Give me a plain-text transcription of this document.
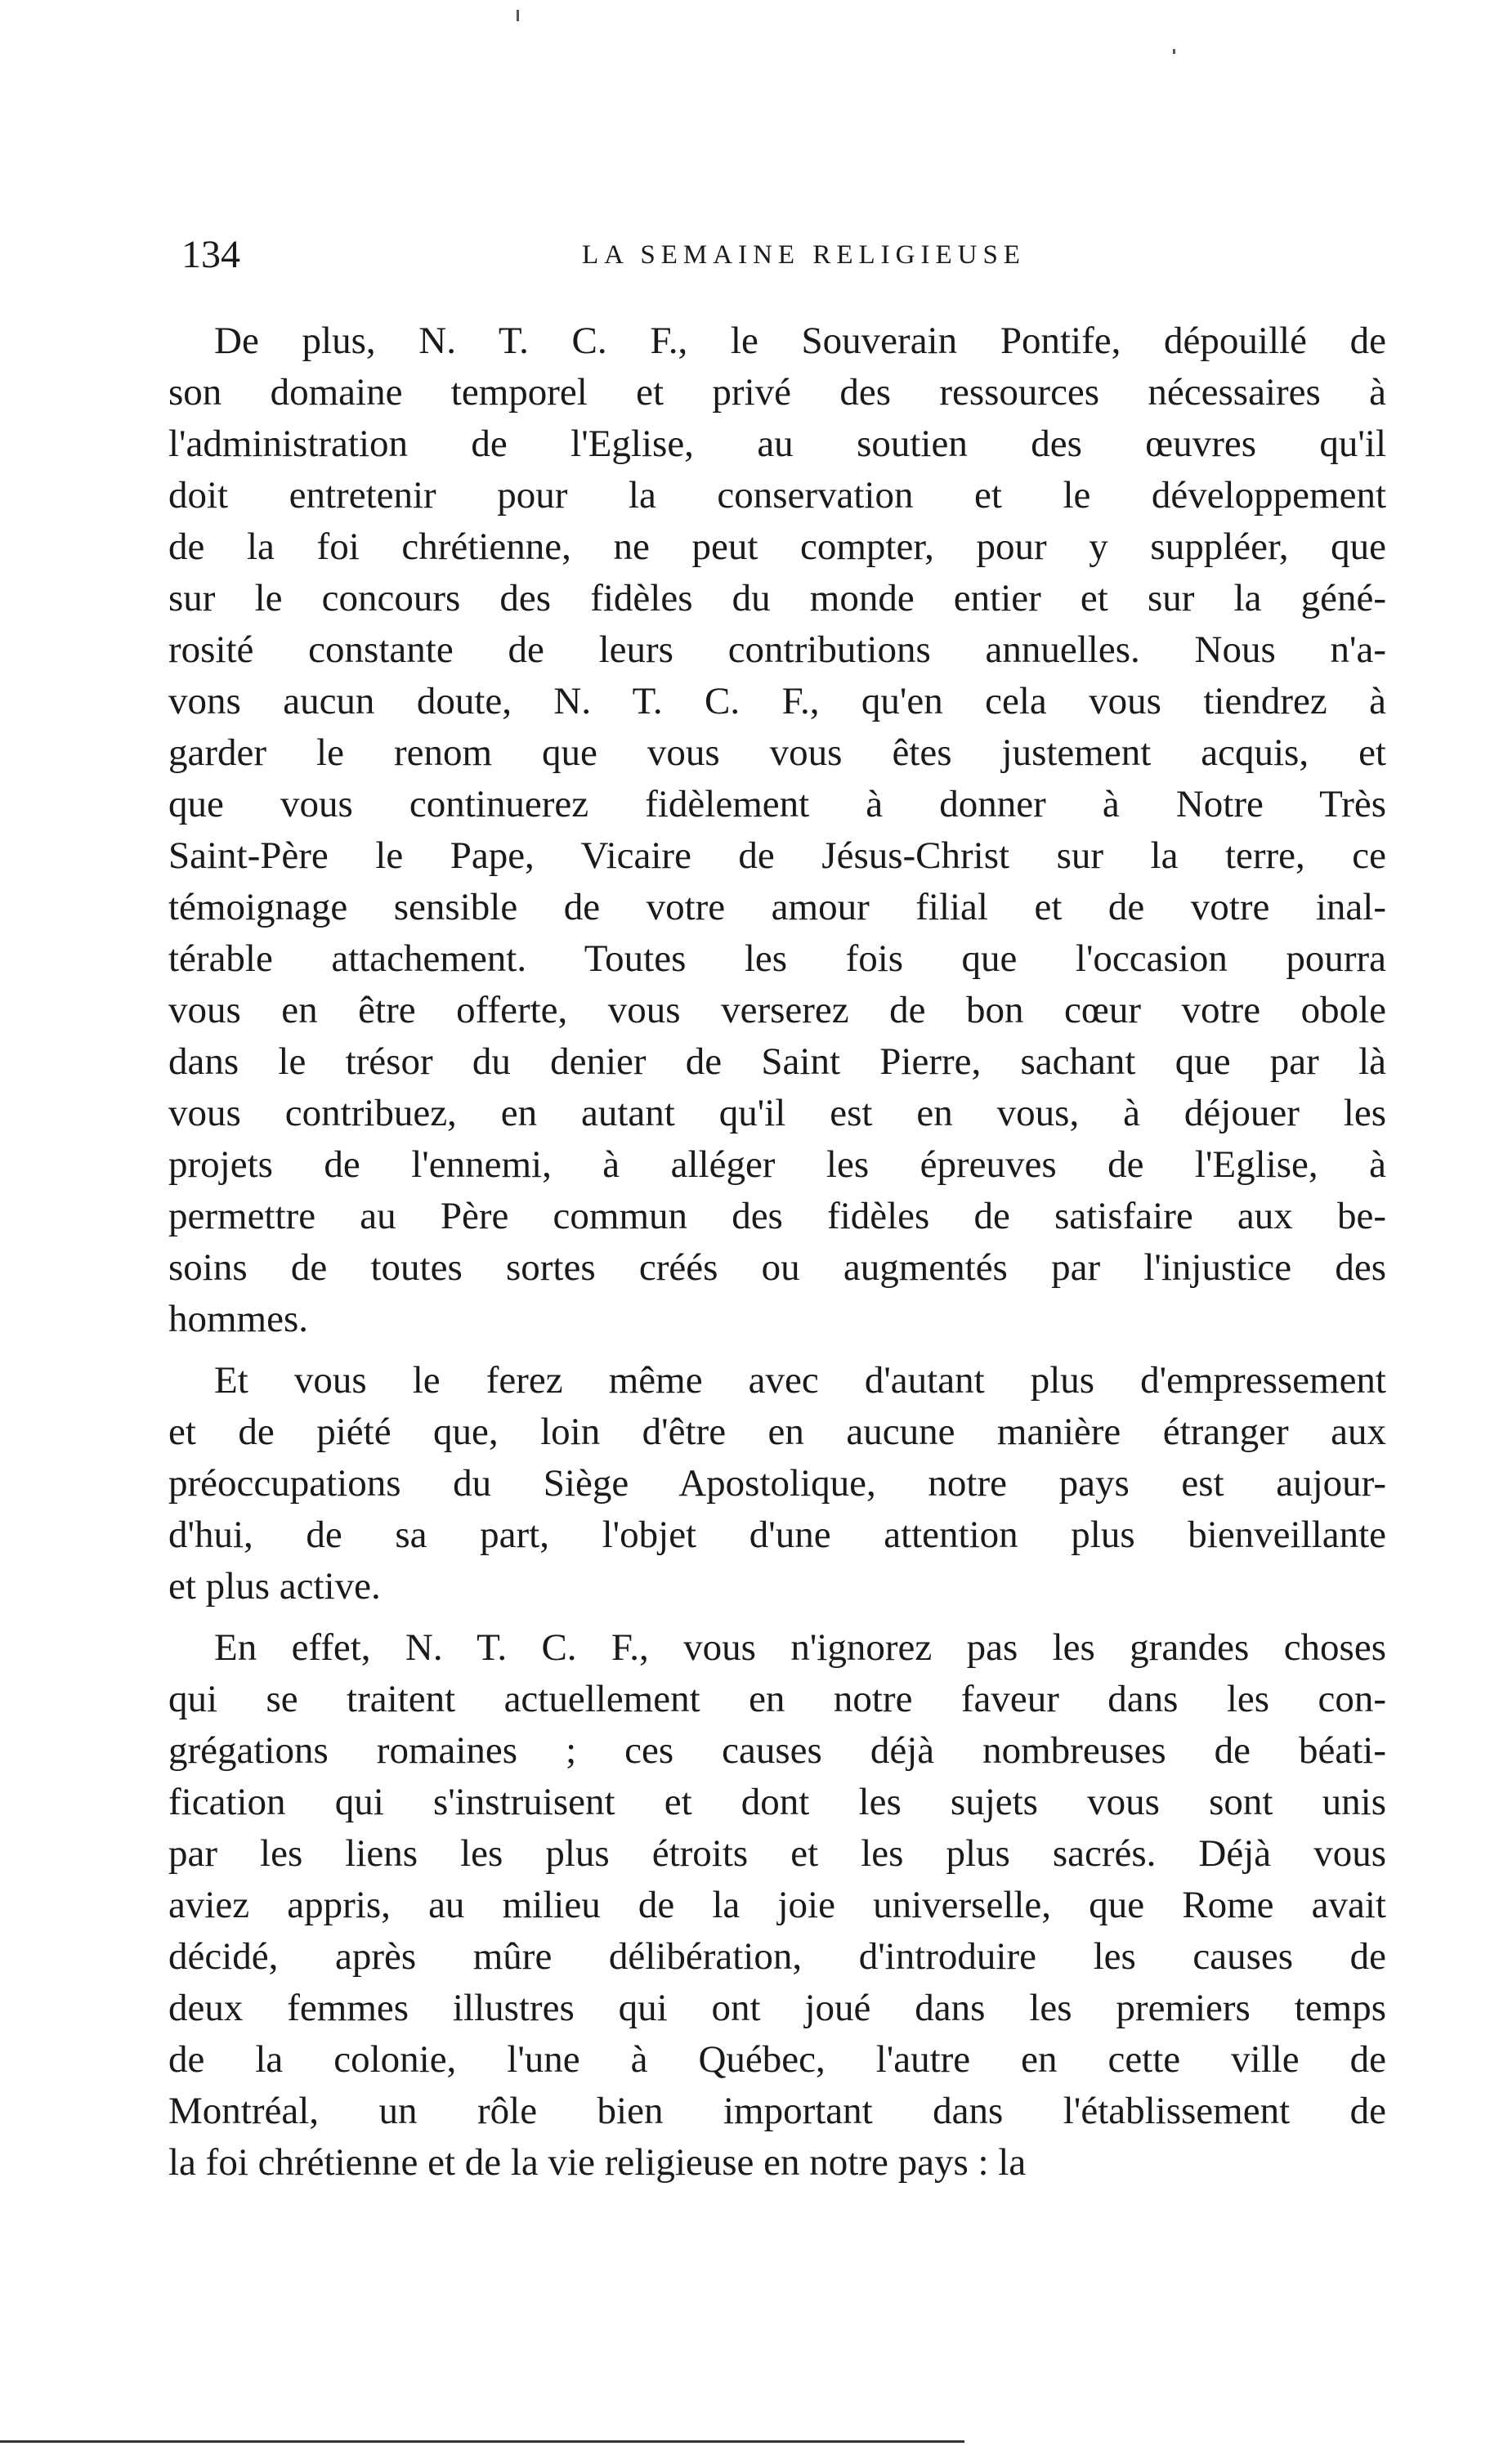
134	LA SEMAINE RELIGIEUSE
De plus, N. T. C. F., le Souverain Pontife, dépouillé de
son domaine temporel et privé des ressources nécessaires à
l'administration de l'Eglise, au soutien des œuvres qu'il
doit entretenir pour la conservation et le développement
de la foi chrétienne, ne peut compter, pour y suppléer, que
sur le concours des fidèles du monde entier et sur la géné-
rosité constante de leurs contributions annuelles. Nous n'a-
vons aucun doute, N. T. C. F., qu'en cela vous tiendrez à
garder le renom que vous vous êtes justement acquis, et
que vous continuerez fidèlement à donner à Notre Très
Saint-Père le Pape, Vicaire de Jésus-Christ sur la terre, ce
témoignage sensible de votre amour filial et de votre inal-
térable attachement. Toutes les fois que l'occasion pourra
vous en être offerte, vous verserez de bon cœur votre obole
dans le trésor du denier de Saint Pierre, sachant que par là
vous contribuez, en autant qu'il est en vous, à déjouer les
projets de l'ennemi, à alléger les épreuves de l'Eglise, à
permettre au Père commun des fidèles de satisfaire aux be-
soins de toutes sortes créés ou augmentés par l'injustice des
hommes.
Et vous le ferez même avec d'autant plus d'empressement
et de piété que, loin d'être en aucune manière étranger aux
préoccupations du Siège Apostolique, notre pays est aujour-
d'hui, de sa part, l'objet d'une attention plus bienveillante
et plus active.
En effet, N. T. C. F., vous n'ignorez pas les grandes choses
qui se traitent actuellement en notre faveur dans les con-
grégations romaines ; ces causes déjà nombreuses de béati-
fication qui s'instruisent et dont les sujets vous sont unis
par les liens les plus étroits et les plus sacrés. Déjà vous
aviez appris, au milieu de la joie universelle, que Rome avait
décidé, après mûre délibération, d'introduire les causes de
deux femmes illustres qui ont joué dans les premiers temps
de la colonie, l'une à Québec, l'autre en cette ville de
Montréal, un rôle bien important dans l'établissement de
la foi chrétienne et de la vie religieuse en notre pays : la
